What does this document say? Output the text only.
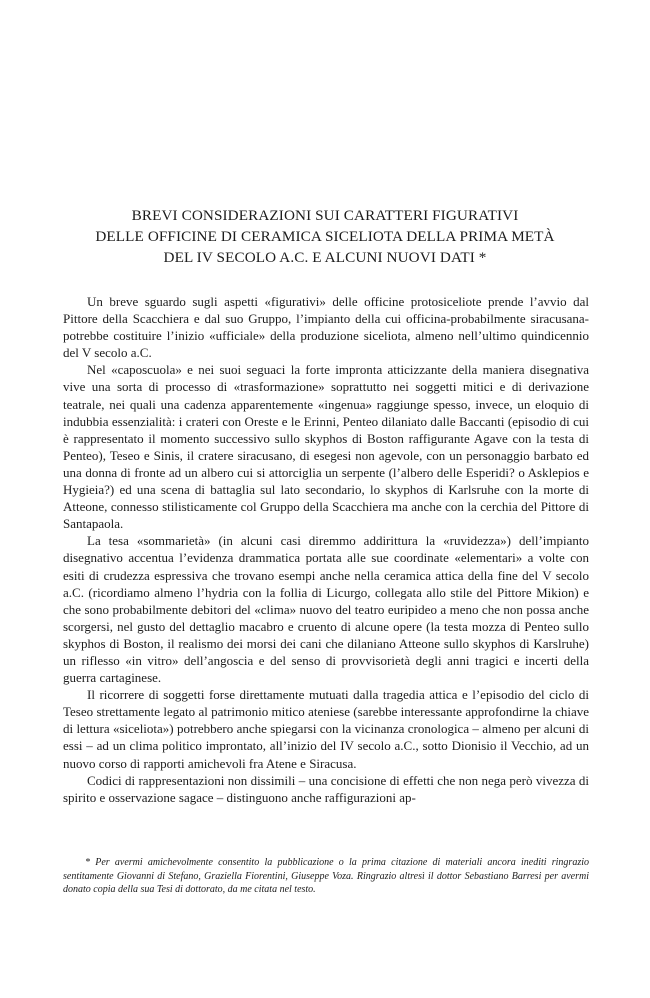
BREVI CONSIDERAZIONI SUI CARATTERI FIGURATIVI
DELLE OFFICINE DI CERAMICA SICELIOTA DELLA PRIMA METÀ
DEL IV SECOLO A.C. E ALCUNI NUOVI DATI *

Un breve sguardo sugli aspetti «figurativi» delle officine protosiceliote prende l’avvio dal Pittore della Scacchiera e dal suo Gruppo, l’impianto della cui officina-probabilmente siracusana-potrebbe costituire l’inizio «ufficiale» della produzione siceliota, almeno nell’ultimo quindicennio del V secolo a.C.

Nel «caposcuola» e nei suoi seguaci la forte impronta atticizzante della maniera disegnativa vive una sorta di processo di «trasformazione» soprattutto nei soggetti mitici e di derivazione teatrale, nei quali una cadenza apparentemente «ingenua» raggiunge spesso, invece, un eloquio di indubbia essenzialità: i crateri con Oreste e le Erinni, Penteo dilaniato dalle Baccanti (episodio di cui è rappresentato il momento successivo sullo skyphos di Boston raffigurante Agave con la testa di Penteo), Teseo e Sinis, il cratere siracusano, di esegesi non agevole, con un personaggio barbato ed una donna di fronte ad un albero cui si attorciglia un serpente (l’albero delle Esperidi? o Asklepios e Hygieia?) ed una scena di battaglia sul lato secondario, lo skyphos di Karlsruhe con la morte di Atteone, connesso stilisticamente col Gruppo della Scacchiera ma anche con la cerchia del Pittore di Santapaola.

La tesa «sommarietà» (in alcuni casi diremmo addirittura la «ruvidezza») dell’impianto disegnativo accentua l’evidenza drammatica portata alle sue coordinate «elementari» a volte con esiti di crudezza espressiva che trovano esempi anche nella ceramica attica della fine del V secolo a.C. (ricordiamo almeno l’hydria con la follia di Licurgo, collegata allo stile del Pittore Mikion) e che sono probabilmente debitori del «clima» nuovo del teatro euripideo a meno che non possa anche scorgersi, nel gusto del dettaglio macabro e cruento di alcune opere (la testa mozza di Penteo sullo skyphos di Boston, il realismo dei morsi dei cani che dilaniano Atteone sullo skyphos di Karslruhe) un riflesso «in vitro» dell’angoscia e del senso di provvisorietà degli anni tragici e incerti della guerra cartaginese.

Il ricorrere di soggetti forse direttamente mutuati dalla tragedia attica e l’episodio del ciclo di Teseo strettamente legato al patrimonio mitico ateniese (sarebbe interessante approfondirne la chiave di lettura «siceliota») potrebbero anche spiegarsi con la vicinanza cronologica – almeno per alcuni di essi – ad un clima politico improntato, all’inizio del IV secolo a.C., sotto Dionisio il Vecchio, ad un nuovo corso di rapporti amichevoli fra Atene e Siracusa.

Codici di rappresentazioni non dissimili – una concisione di effetti che non nega però vivezza di spirito e osservazione sagace – distinguono anche raffigurazioni ap-

* Per avermi amichevolmente consentito la pubblicazione o la prima citazione di materiali ancora inediti ringrazio sentitamente Giovanni di Stefano, Graziella Fiorentini, Giuseppe Voza. Ringrazio altresì il dottor Sebastiano Barresi per avermi donato copia della sua Tesi di dottorato, da me citata nel testo.
